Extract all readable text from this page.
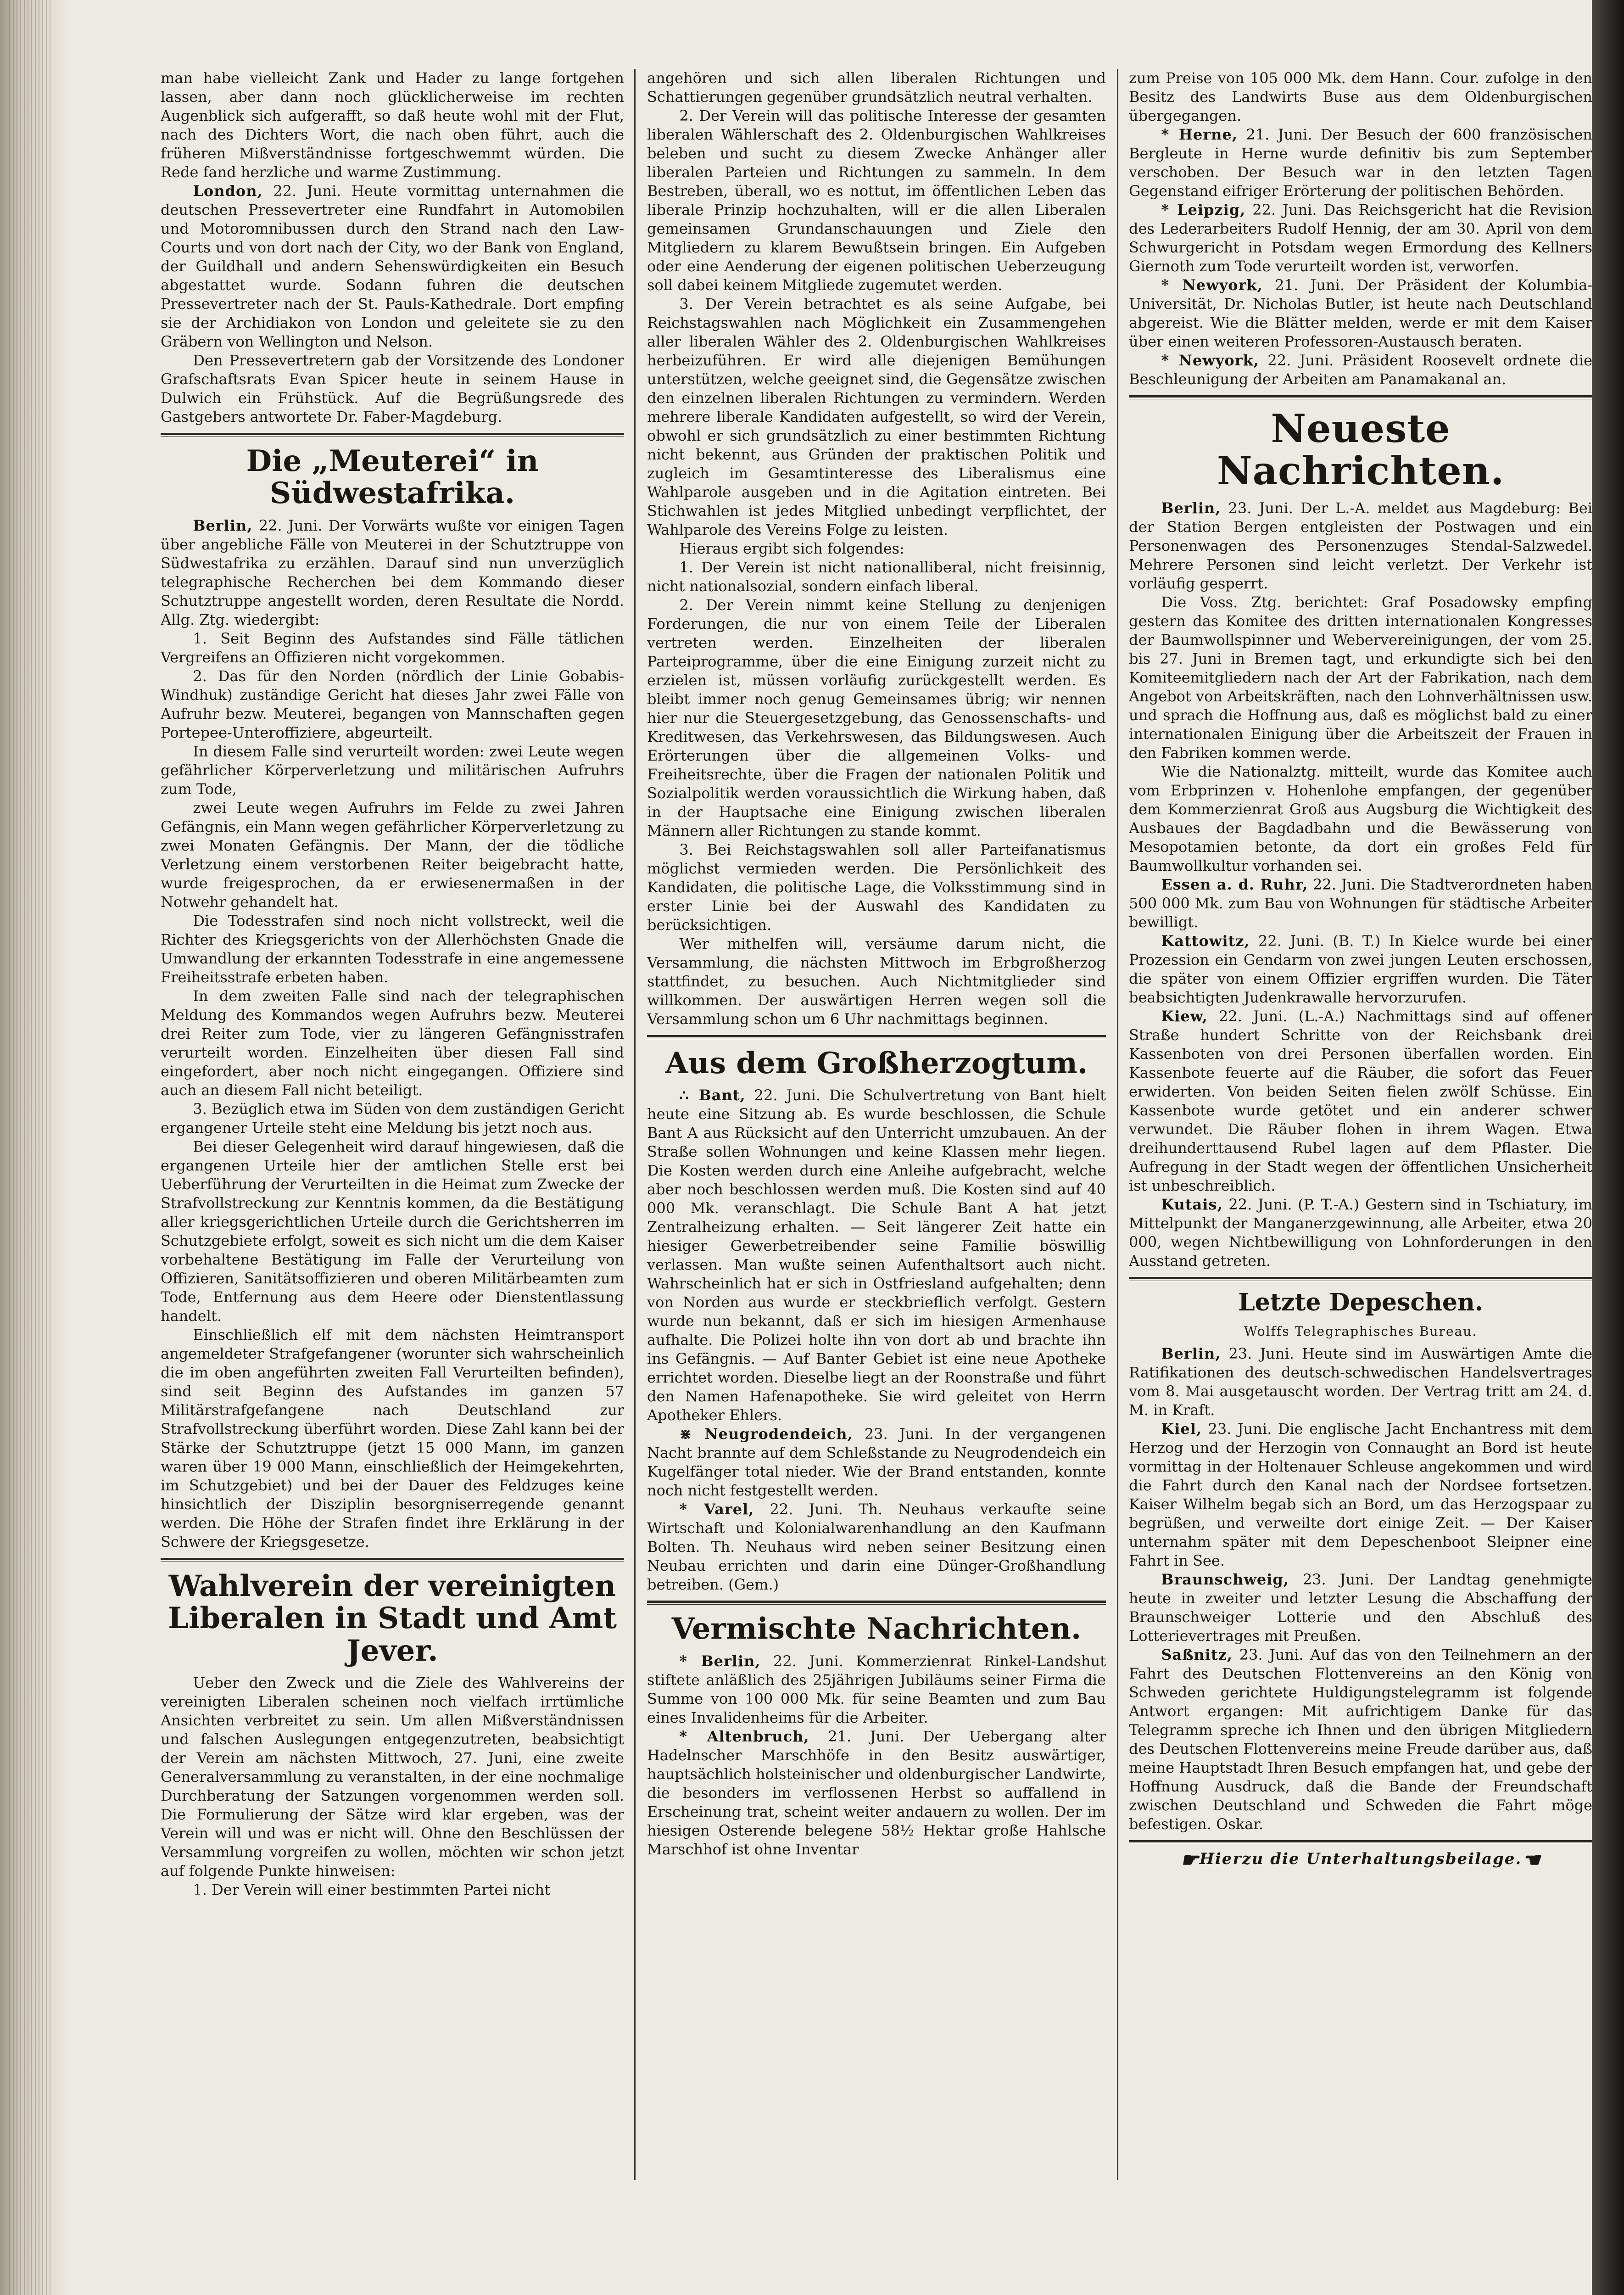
man habe vielleicht Zank und Hader zu lange fortgehen lassen, aber dann noch glücklicherweise im rechten Augenblick sich aufgerafft, so daß heute wohl mit der Flut, nach des Dichters Wort, die nach oben führt, auch die früheren Mißverständnisse fortgeschwemmt würden. Die Rede fand herzliche und warme Zustimmung.

London, 22. Juni. Heute vormittag unternahmen die deutschen Pressevertreter eine Rundfahrt in Automobilen und Motoromnibussen durch den Strand nach den Law-Courts und von dort nach der City, wo der Bank von England, der Guildhall und andern Sehenswürdigkeiten ein Besuch abgestattet wurde. Sodann fuhren die deutschen Pressevertreter nach der St. Pauls-Kathedrale. Dort empfing sie der Archidiakon von London und geleitete sie zu den Gräbern von Wellington und Nelson.

Den Pressevertretern gab der Vorsitzende des Londoner Grafschaftsrats Evan Spicer heute in seinem Hause in Dulwich ein Frühstück. Auf die Begrüßungsrede des Gastgebers antwortete Dr. Faber-Magdeburg.

Die „Meuterei“ in Südwestafrika.

Berlin, 22. Juni. Der Vorwärts wußte vor einigen Tagen über angebliche Fälle von Meuterei in der Schutztruppe von Südwestafrika zu erzählen. Darauf sind nun unverzüglich telegraphische Recherchen bei dem Kommando dieser Schutztruppe angestellt worden, deren Resultate die Nordd. Allg. Ztg. wiedergibt:

1. Seit Beginn des Aufstandes sind Fälle tätlichen Vergreifens an Offizieren nicht vorgekommen.

2. Das für den Norden (nördlich der Linie Gobabis-Windhuk) zuständige Gericht hat dieses Jahr zwei Fälle von Aufruhr bezw. Meuterei, begangen von Mannschaften gegen Portepee-Unteroffiziere, abgeurteilt.

In diesem Falle sind verurteilt worden: zwei Leute wegen gefährlicher Körperverletzung und militärischen Aufruhrs zum Tode,

zwei Leute wegen Aufruhrs im Felde zu zwei Jahren Gefängnis, ein Mann wegen gefährlicher Körperverletzung zu zwei Monaten Gefängnis. Der Mann, der die tödliche Verletzung einem verstorbenen Reiter beigebracht hatte, wurde freigesprochen, da er erwiesenermaßen in der Notwehr gehandelt hat.

Die Todesstrafen sind noch nicht vollstreckt, weil die Richter des Kriegsgerichts von der Allerhöchsten Gnade die Umwandlung der erkannten Todesstrafe in eine angemessene Freiheitsstrafe erbeten haben.

In dem zweiten Falle sind nach der telegraphischen Meldung des Kommandos wegen Aufruhrs bezw. Meuterei drei Reiter zum Tode, vier zu längeren Gefängnisstrafen verurteilt worden. Einzelheiten über diesen Fall sind eingefordert, aber noch nicht eingegangen. Offiziere sind auch an diesem Fall nicht beteiligt.

3. Bezüglich etwa im Süden von dem zuständigen Gericht ergangener Urteile steht eine Meldung bis jetzt noch aus.

Bei dieser Gelegenheit wird darauf hingewiesen, daß die ergangenen Urteile hier der amtlichen Stelle erst bei Ueberführung der Verurteilten in die Heimat zum Zwecke der Strafvollstreckung zur Kenntnis kommen, da die Bestätigung aller kriegsgerichtlichen Urteile durch die Gerichtsherren im Schutzgebiete erfolgt, soweit es sich nicht um die dem Kaiser vorbehaltene Bestätigung im Falle der Verurteilung von Offizieren, Sanitätsoffizieren und oberen Militärbeamten zum Tode, Entfernung aus dem Heere oder Dienstentlassung handelt.

Einschließlich elf mit dem nächsten Heimtransport angemeldeter Strafgefangener (worunter sich wahrscheinlich die im oben angeführten zweiten Fall Verurteilten befinden), sind seit Beginn des Aufstandes im ganzen 57 Militärstrafgefangene nach Deutschland zur Strafvollstreckung überführt worden. Diese Zahl kann bei der Stärke der Schutztruppe (jetzt 15 000 Mann, im ganzen waren über 19 000 Mann, einschließlich der Heimgekehrten, im Schutzgebiet) und bei der Dauer des Feldzuges keine hinsichtlich der Disziplin besorgniserregende genannt werden. Die Höhe der Strafen findet ihre Erklärung in der Schwere der Kriegsgesetze.

Wahlverein der vereinigten Liberalen in Stadt und Amt Jever.

Ueber den Zweck und die Ziele des Wahlvereins der vereinigten Liberalen scheinen noch vielfach irrtümliche Ansichten verbreitet zu sein. Um allen Mißverständnissen und falschen Auslegungen entgegenzutreten, beabsichtigt der Verein am nächsten Mittwoch, 27. Juni, eine zweite Generalversammlung zu veranstalten, in der eine nochmalige Durchberatung der Satzungen vorgenommen werden soll. Die Formulierung der Sätze wird klar ergeben, was der Verein will und was er nicht will. Ohne den Beschlüssen der Versammlung vorgreifen zu wollen, möchten wir schon jetzt auf folgende Punkte hinweisen:

1. Der Verein will einer bestimmten Partei nicht

angehören und sich allen liberalen Richtungen und Schattierungen gegenüber grundsätzlich neutral verhalten.

2. Der Verein will das politische Interesse der gesamten liberalen Wählerschaft des 2. Oldenburgischen Wahlkreises beleben und sucht zu diesem Zwecke Anhänger aller liberalen Parteien und Richtungen zu sammeln. In dem Bestreben, überall, wo es nottut, im öffentlichen Leben das liberale Prinzip hochzuhalten, will er die allen Liberalen gemeinsamen Grundanschauungen und Ziele den Mitgliedern zu klarem Bewußtsein bringen. Ein Aufgeben oder eine Aenderung der eigenen politischen Ueberzeugung soll dabei keinem Mitgliede zugemutet werden.

3. Der Verein betrachtet es als seine Aufgabe, bei Reichstagswahlen nach Möglichkeit ein Zusammengehen aller liberalen Wähler des 2. Oldenburgischen Wahlkreises herbeizuführen. Er wird alle diejenigen Bemühungen unterstützen, welche geeignet sind, die Gegensätze zwischen den einzelnen liberalen Richtungen zu vermindern. Werden mehrere liberale Kandidaten aufgestellt, so wird der Verein, obwohl er sich grundsätzlich zu einer bestimmten Richtung nicht bekennt, aus Gründen der praktischen Politik und zugleich im Gesamtinteresse des Liberalismus eine Wahlparole ausgeben und in die Agitation eintreten. Bei Stichwahlen ist jedes Mitglied unbedingt verpflichtet, der Wahlparole des Vereins Folge zu leisten.

Hieraus ergibt sich folgendes:

1. Der Verein ist nicht nationalliberal, nicht freisinnig, nicht nationalsozial, sondern einfach liberal.

2. Der Verein nimmt keine Stellung zu denjenigen Forderungen, die nur von einem Teile der Liberalen vertreten werden. Einzelheiten der liberalen Parteiprogramme, über die eine Einigung zurzeit nicht zu erzielen ist, müssen vorläufig zurückgestellt werden. Es bleibt immer noch genug Gemeinsames übrig; wir nennen hier nur die Steuergesetzgebung, das Genossenschafts- und Kreditwesen, das Verkehrswesen, das Bildungswesen. Auch Erörterungen über die allgemeinen Volks- und Freiheitsrechte, über die Fragen der nationalen Politik und Sozialpolitik werden voraussichtlich die Wirkung haben, daß in der Hauptsache eine Einigung zwischen liberalen Männern aller Richtungen zu stande kommt.

3. Bei Reichstagswahlen soll aller Parteifanatismus möglichst vermieden werden. Die Persönlichkeit des Kandidaten, die politische Lage, die Volksstimmung sind in erster Linie bei der Auswahl des Kandidaten zu berücksichtigen.

Wer mithelfen will, versäume darum nicht, die Versammlung, die nächsten Mittwoch im Erbgroßherzog stattfindet, zu besuchen. Auch Nichtmitglieder sind willkommen. Der auswärtigen Herren wegen soll die Versammlung schon um 6 Uhr nachmittags beginnen.

Aus dem Großherzogtum.

∴ Bant, 22. Juni. Die Schulvertretung von Bant hielt heute eine Sitzung ab. Es wurde beschlossen, die Schule Bant A aus Rücksicht auf den Unterricht umzubauen. An der Straße sollen Wohnungen und keine Klassen mehr liegen. Die Kosten werden durch eine Anleihe aufgebracht, welche aber noch beschlossen werden muß. Die Kosten sind auf 40 000 Mk. veranschlagt. Die Schule Bant A hat jetzt Zentralheizung erhalten. — Seit längerer Zeit hatte ein hiesiger Gewerbetreibender seine Familie böswillig verlassen. Man wußte seinen Aufenthaltsort auch nicht. Wahrscheinlich hat er sich in Ostfriesland aufgehalten; denn von Norden aus wurde er steckbrieflich verfolgt. Gestern wurde nun bekannt, daß er sich im hiesigen Armenhause aufhalte. Die Polizei holte ihn von dort ab und brachte ihn ins Gefängnis. — Auf Banter Gebiet ist eine neue Apotheke errichtet worden. Dieselbe liegt an der Roonstraße und führt den Namen Hafenapotheke. Sie wird geleitet von Herrn Apotheker Ehlers.

⋇ Neugrodendeich, 23. Juni. In der vergangenen Nacht brannte auf dem Schleßstande zu Neugrodendeich ein Kugelfänger total nieder. Wie der Brand entstanden, konnte noch nicht festgestellt werden.

* Varel, 22. Juni. Th. Neuhaus verkaufte seine Wirtschaft und Kolonialwarenhandlung an den Kaufmann Bolten. Th. Neuhaus wird neben seiner Besitzung einen Neubau errichten und darin eine Dünger-Großhandlung betreiben. (Gem.)

Vermischte Nachrichten.

* Berlin, 22. Juni. Kommerzienrat Rinkel-Landshut stiftete anläßlich des 25jährigen Jubiläums seiner Firma die Summe von 100 000 Mk. für seine Beamten und zum Bau eines Invalidenheims für die Arbeiter.

* Altenbruch, 21. Juni. Der Uebergang alter Hadelnscher Marschhöfe in den Besitz auswärtiger, hauptsächlich holsteinischer und oldenburgischer Landwirte, die besonders im verflossenen Herbst so auffallend in Erscheinung trat, scheint weiter andauern zu wollen. Der im hiesigen Osterende belegene 58½ Hektar große Hahlsche Marschhof ist ohne Inventar

zum Preise von 105 000 Mk. dem Hann. Cour. zufolge in den Besitz des Landwirts Buse aus dem Oldenburgischen übergegangen.

* Herne, 21. Juni. Der Besuch der 600 französischen Bergleute in Herne wurde definitiv bis zum September verschoben. Der Besuch war in den letzten Tagen Gegenstand eifriger Erörterung der politischen Behörden.

* Leipzig, 22. Juni. Das Reichsgericht hat die Revision des Lederarbeiters Rudolf Hennig, der am 30. April von dem Schwurgericht in Potsdam wegen Ermordung des Kellners Giernoth zum Tode verurteilt worden ist, verworfen.

* Newyork, 21. Juni. Der Präsident der Kolumbia-Universität, Dr. Nicholas Butler, ist heute nach Deutschland abgereist. Wie die Blätter melden, werde er mit dem Kaiser über einen weiteren Professoren-Austausch beraten.

* Newyork, 22. Juni. Präsident Roosevelt ordnete die Beschleunigung der Arbeiten am Panamakanal an.

Neueste Nachrichten.

Berlin, 23. Juni. Der L.-A. meldet aus Magdeburg: Bei der Station Bergen entgleisten der Postwagen und ein Personenwagen des Personenzuges Stendal-Salzwedel. Mehrere Personen sind leicht verletzt. Der Verkehr ist vorläufig gesperrt.

Die Voss. Ztg. berichtet: Graf Posadowsky empfing gestern das Komitee des dritten internationalen Kongresses der Baumwollspinner und Webervereinigungen, der vom 25. bis 27. Juni in Bremen tagt, und erkundigte sich bei den Komiteemitgliedern nach der Art der Fabrikation, nach dem Angebot von Arbeitskräften, nach den Lohnverhältnissen usw. und sprach die Hoffnung aus, daß es möglichst bald zu einer internationalen Einigung über die Arbeitszeit der Frauen in den Fabriken kommen werde.

Wie die Nationalztg. mitteilt, wurde das Komitee auch vom Erbprinzen v. Hohenlohe empfangen, der gegenüber dem Kommerzienrat Groß aus Augsburg die Wichtigkeit des Ausbaues der Bagdadbahn und die Bewässerung von Mesopotamien betonte, da dort ein großes Feld für Baumwollkultur vorhanden sei.

Essen a. d. Ruhr, 22. Juni. Die Stadtverordneten haben 500 000 Mk. zum Bau von Wohnungen für städtische Arbeiter bewilligt.

Kattowitz, 22. Juni. (B. T.) In Kielce wurde bei einer Prozession ein Gendarm von zwei jungen Leuten erschossen, die später von einem Offizier ergriffen wurden. Die Täter beabsichtigten Judenkrawalle hervorzurufen.

Kiew, 22. Juni. (L.-A.) Nachmittags sind auf offener Straße hundert Schritte von der Reichsbank drei Kassenboten von drei Personen überfallen worden. Ein Kassenbote feuerte auf die Räuber, die sofort das Feuer erwiderten. Von beiden Seiten fielen zwölf Schüsse. Ein Kassenbote wurde getötet und ein anderer schwer verwundet. Die Räuber flohen in ihrem Wagen. Etwa dreihunderttausend Rubel lagen auf dem Pflaster. Die Aufregung in der Stadt wegen der öffentlichen Unsicherheit ist unbeschreiblich.

Kutais, 22. Juni. (P. T.-A.) Gestern sind in Tschiatury, im Mittelpunkt der Manganerzgewinnung, alle Arbeiter, etwa 20 000, wegen Nichtbewilligung von Lohnforderungen in den Ausstand getreten.

Letzte Depeschen.
Wolffs Telegraphisches Bureau.

Berlin, 23. Juni. Heute sind im Auswärtigen Amte die Ratifikationen des deutsch-schwedischen Handelsvertrages vom 8. Mai ausgetauscht worden. Der Vertrag tritt am 24. d. M. in Kraft.

Kiel, 23. Juni. Die englische Jacht Enchantress mit dem Herzog und der Herzogin von Connaught an Bord ist heute vormittag in der Holtenauer Schleuse angekommen und wird die Fahrt durch den Kanal nach der Nordsee fortsetzen. Kaiser Wilhelm begab sich an Bord, um das Herzogspaar zu begrüßen, und verweilte dort einige Zeit. — Der Kaiser unternahm später mit dem Depeschenboot Sleipner eine Fahrt in See.

Braunschweig, 23. Juni. Der Landtag genehmigte heute in zweiter und letzter Lesung die Abschaffung der Braunschweiger Lotterie und den Abschluß des Lotterievertrages mit Preußen.

Saßnitz, 23. Juni. Auf das von den Teilnehmern an der Fahrt des Deutschen Flottenvereins an den König von Schweden gerichtete Huldigungstelegramm ist folgende Antwort ergangen: Mit aufrichtigem Danke für das Telegramm spreche ich Ihnen und den übrigen Mitgliedern des Deutschen Flottenvereins meine Freude darüber aus, daß meine Hauptstadt Ihren Besuch empfangen hat, und gebe der Hoffnung Ausdruck, daß die Bande der Freundschaft zwischen Deutschland und Schweden die Fahrt möge befestigen. Oskar.

☛Hierzu die Unterhaltungsbeilage.☚
